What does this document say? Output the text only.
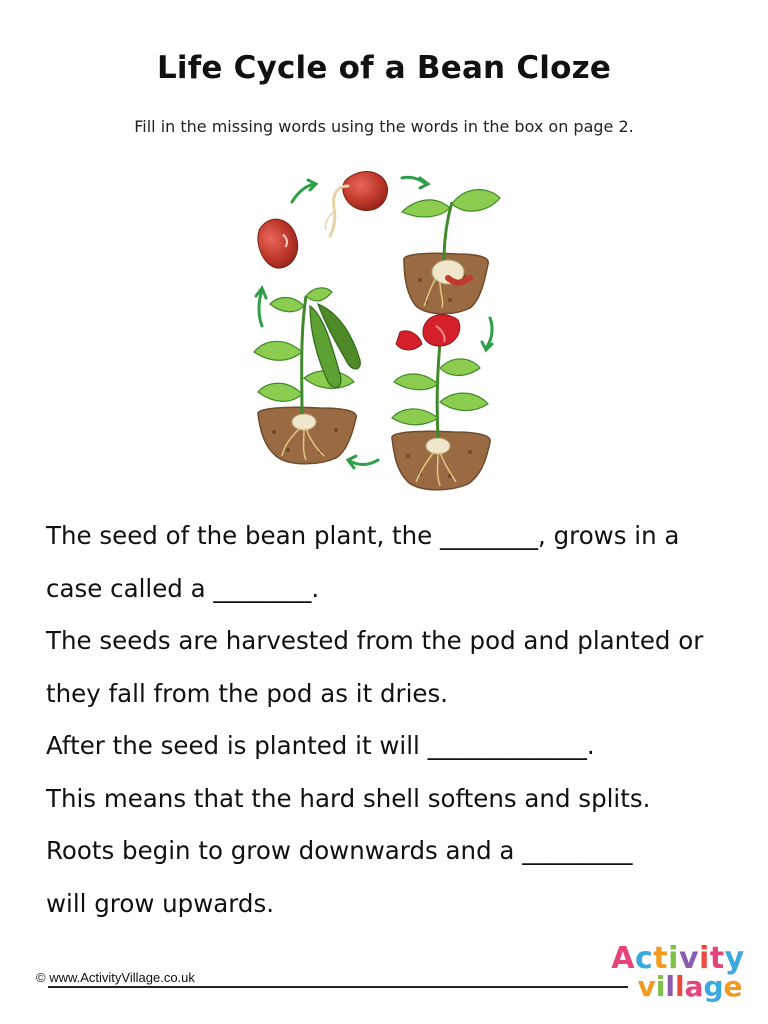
Life Cycle of a Bean Cloze
Fill in the missing words using the words in the box on page 2.
The seed of the bean plant, the ________, grows in a
case called a ________.
The seeds are harvested from the pod and planted or
they fall from the pod as it dries.
After the seed is planted it will _____________.
This means that the hard shell softens and splits.
Roots begin to grow downwards and a _________
will grow upwards.
© www.ActivityVillage.co.uk
Activity
village
